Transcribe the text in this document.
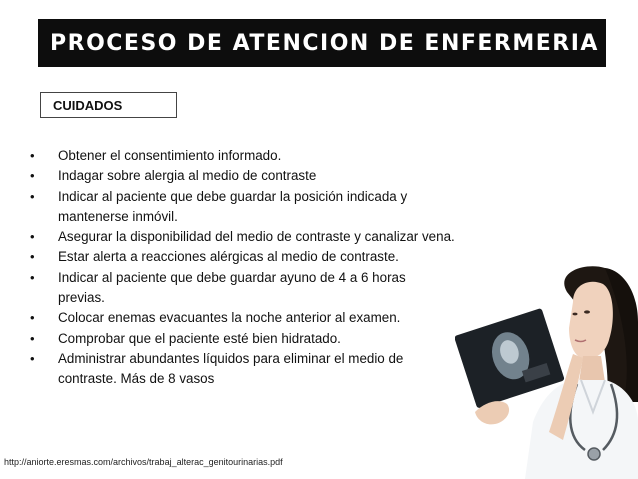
PROCESO DE ATENCION DE ENFERMERIA
CUIDADOS
• Obtener el consentimiento informado.
• Indagar sobre alergia al medio de contraste
• Indicar al paciente que debe guardar la posición indicada y mantenerse inmóvil.
• Asegurar la disponibilidad del medio de contraste y canalizar vena.
• Estar alerta a reacciones alérgicas al medio de contraste.
• Indicar al paciente que debe guardar ayuno de 4 a 6 horas previas.
• Colocar enemas evacuantes la noche anterior al examen.
• Comprobar que el paciente esté bien hidratado.
• Administrar abundantes líquidos para eliminar el medio de contraste. Más de 8 vasos
http://aniorte.eresmas.com/archivos/trabaj_alterac_genitourinarias.pdf
